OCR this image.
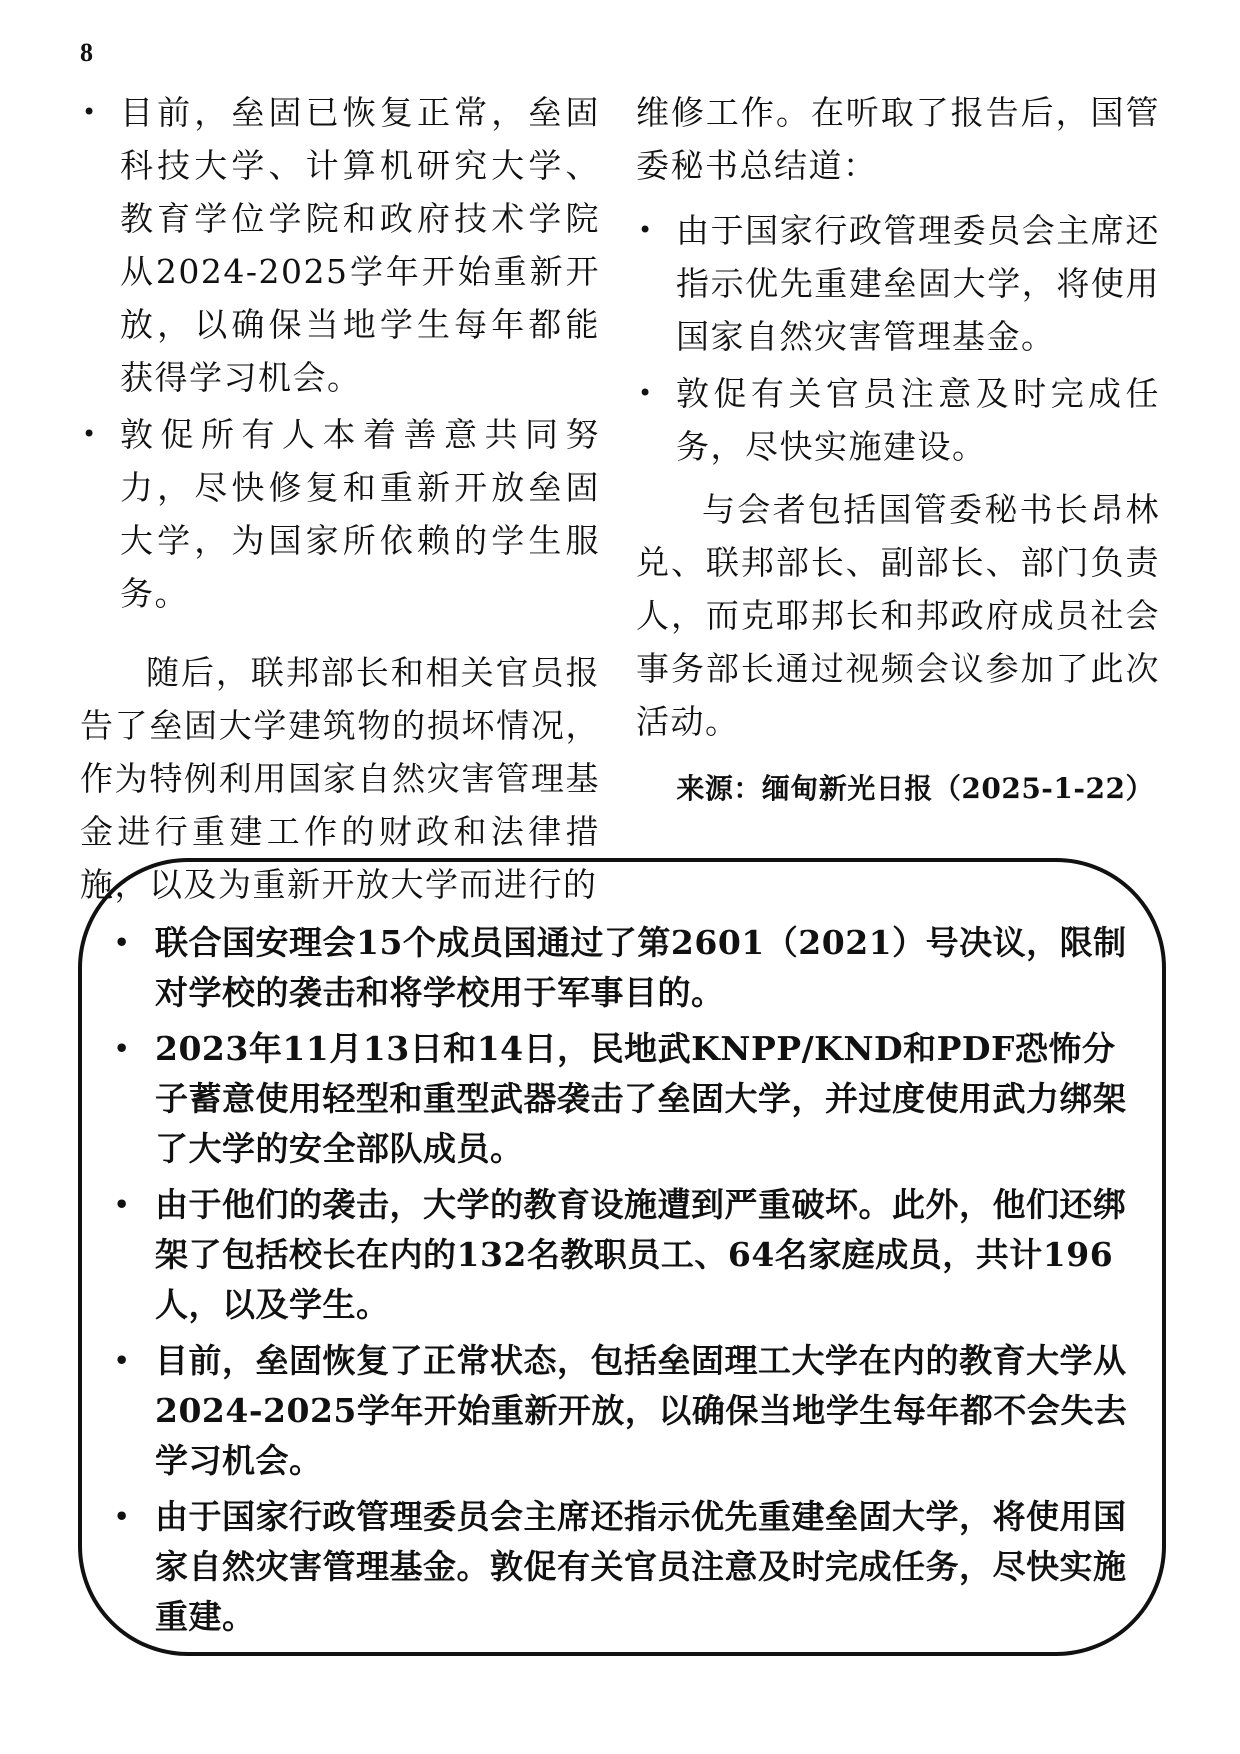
8
• 目前，垒固已恢复正常，垒固科技大学、计算机研究大学、教育学位学院和政府技术学院从2024-2025学年开始重新开放，以确保当地学生每年都能获得学习机会。
• 敦促所有人本着善意共同努力，尽快修复和重新开放垒固大学，为国家所依赖的学生服务。

随后，联邦部长和相关官员报告了垒固大学建筑物的损坏情况，作为特例利用国家自然灾害管理基金进行重建工作的财政和法律措施，以及为重新开放大学而进行的

维修工作。在听取了报告后，国管委秘书总结道：

• 由于国家行政管理委员会主席还指示优先重建垒固大学，将使用国家自然灾害管理基金。
• 敦促有关官员注意及时完成任务，尽快实施建设。

与会者包括国管委秘书长昂林兑、联邦部长、副部长、部门负责人，而克耶邦长和邦政府成员社会事务部长通过视频会议参加了此次活动。

来源：缅甸新光日报（2025-1-22）

• 联合国安理会15个成员国通过了第2601（2021）号决议，限制对学校的袭击和将学校用于军事目的。
• 2023年11月13日和14日，民地武KNPP/KND和PDF恐怖分子蓄意使用轻型和重型武器袭击了垒固大学，并过度使用武力绑架了大学的安全部队成员。
• 由于他们的袭击，大学的教育设施遭到严重破坏。此外，他们还绑架了包括校长在内的132名教职员工、64名家庭成员，共计196人，以及学生。
• 目前，垒固恢复了正常状态，包括垒固理工大学在内的教育大学从2024-2025学年开始重新开放，以确保当地学生每年都不会失去学习机会。
• 由于国家行政管理委员会主席还指示优先重建垒固大学，将使用国家自然灾害管理基金。敦促有关官员注意及时完成任务，尽快实施重建。
